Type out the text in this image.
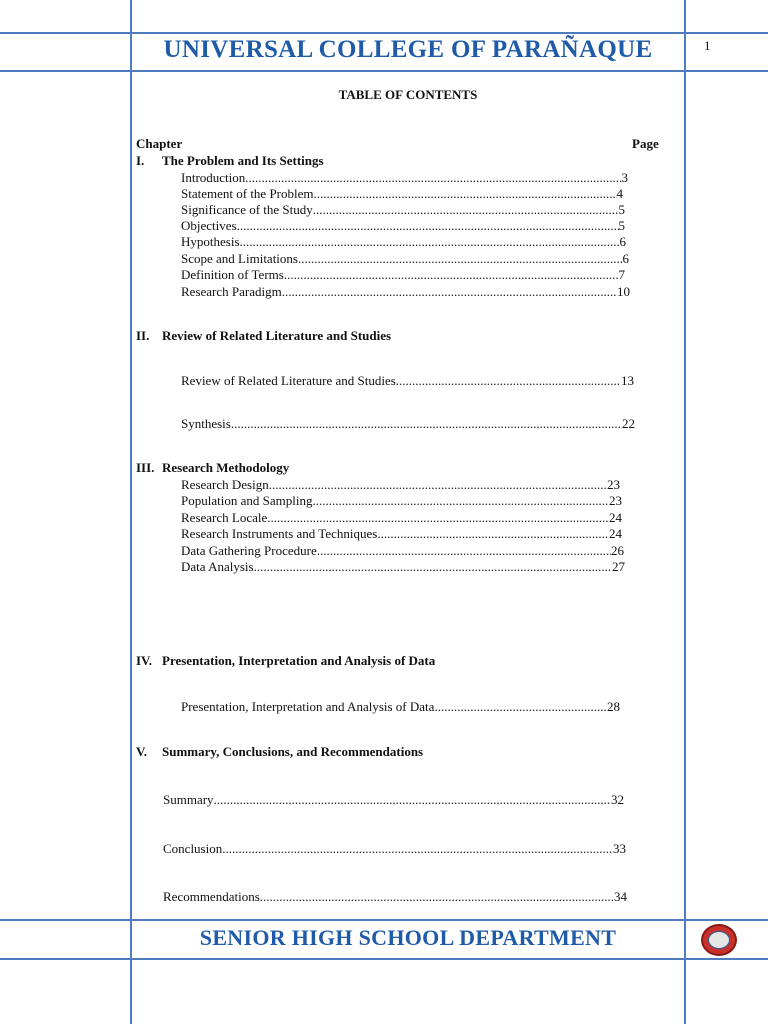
UNIVERSAL COLLEGE OF PARAÑAQUE	1
TABLE OF CONTENTS
Chapter	Page
I. The Problem and Its Settings
Introduction .....	3
Statement of the Problem .....	4
Significance of the Study .....	5
Objectives .....	5
Hypothesis .....	6
Scope and Limitations .....	6
Definition of Terms .....	7
Research Paradigm .....	10
II. Review of Related Literature and Studies
Review of Related Literature and Studies .....	13
Synthesis .....	22
III. Research Methodology
Research Design .....	23
Population and Sampling .....	23
Research Locale .....	24
Research Instruments and Techniques .....	24
Data Gathering Procedure .....	26
Data Analysis .....	27
IV. Presentation, Interpretation and Analysis of Data
Presentation, Interpretation and Analysis of Data .....	28
V. Summary, Conclusions, and Recommendations
Summary .....	32
Conclusion .....	33
Recommendations .....	34
SENIOR HIGH SCHOOL DEPARTMENT
